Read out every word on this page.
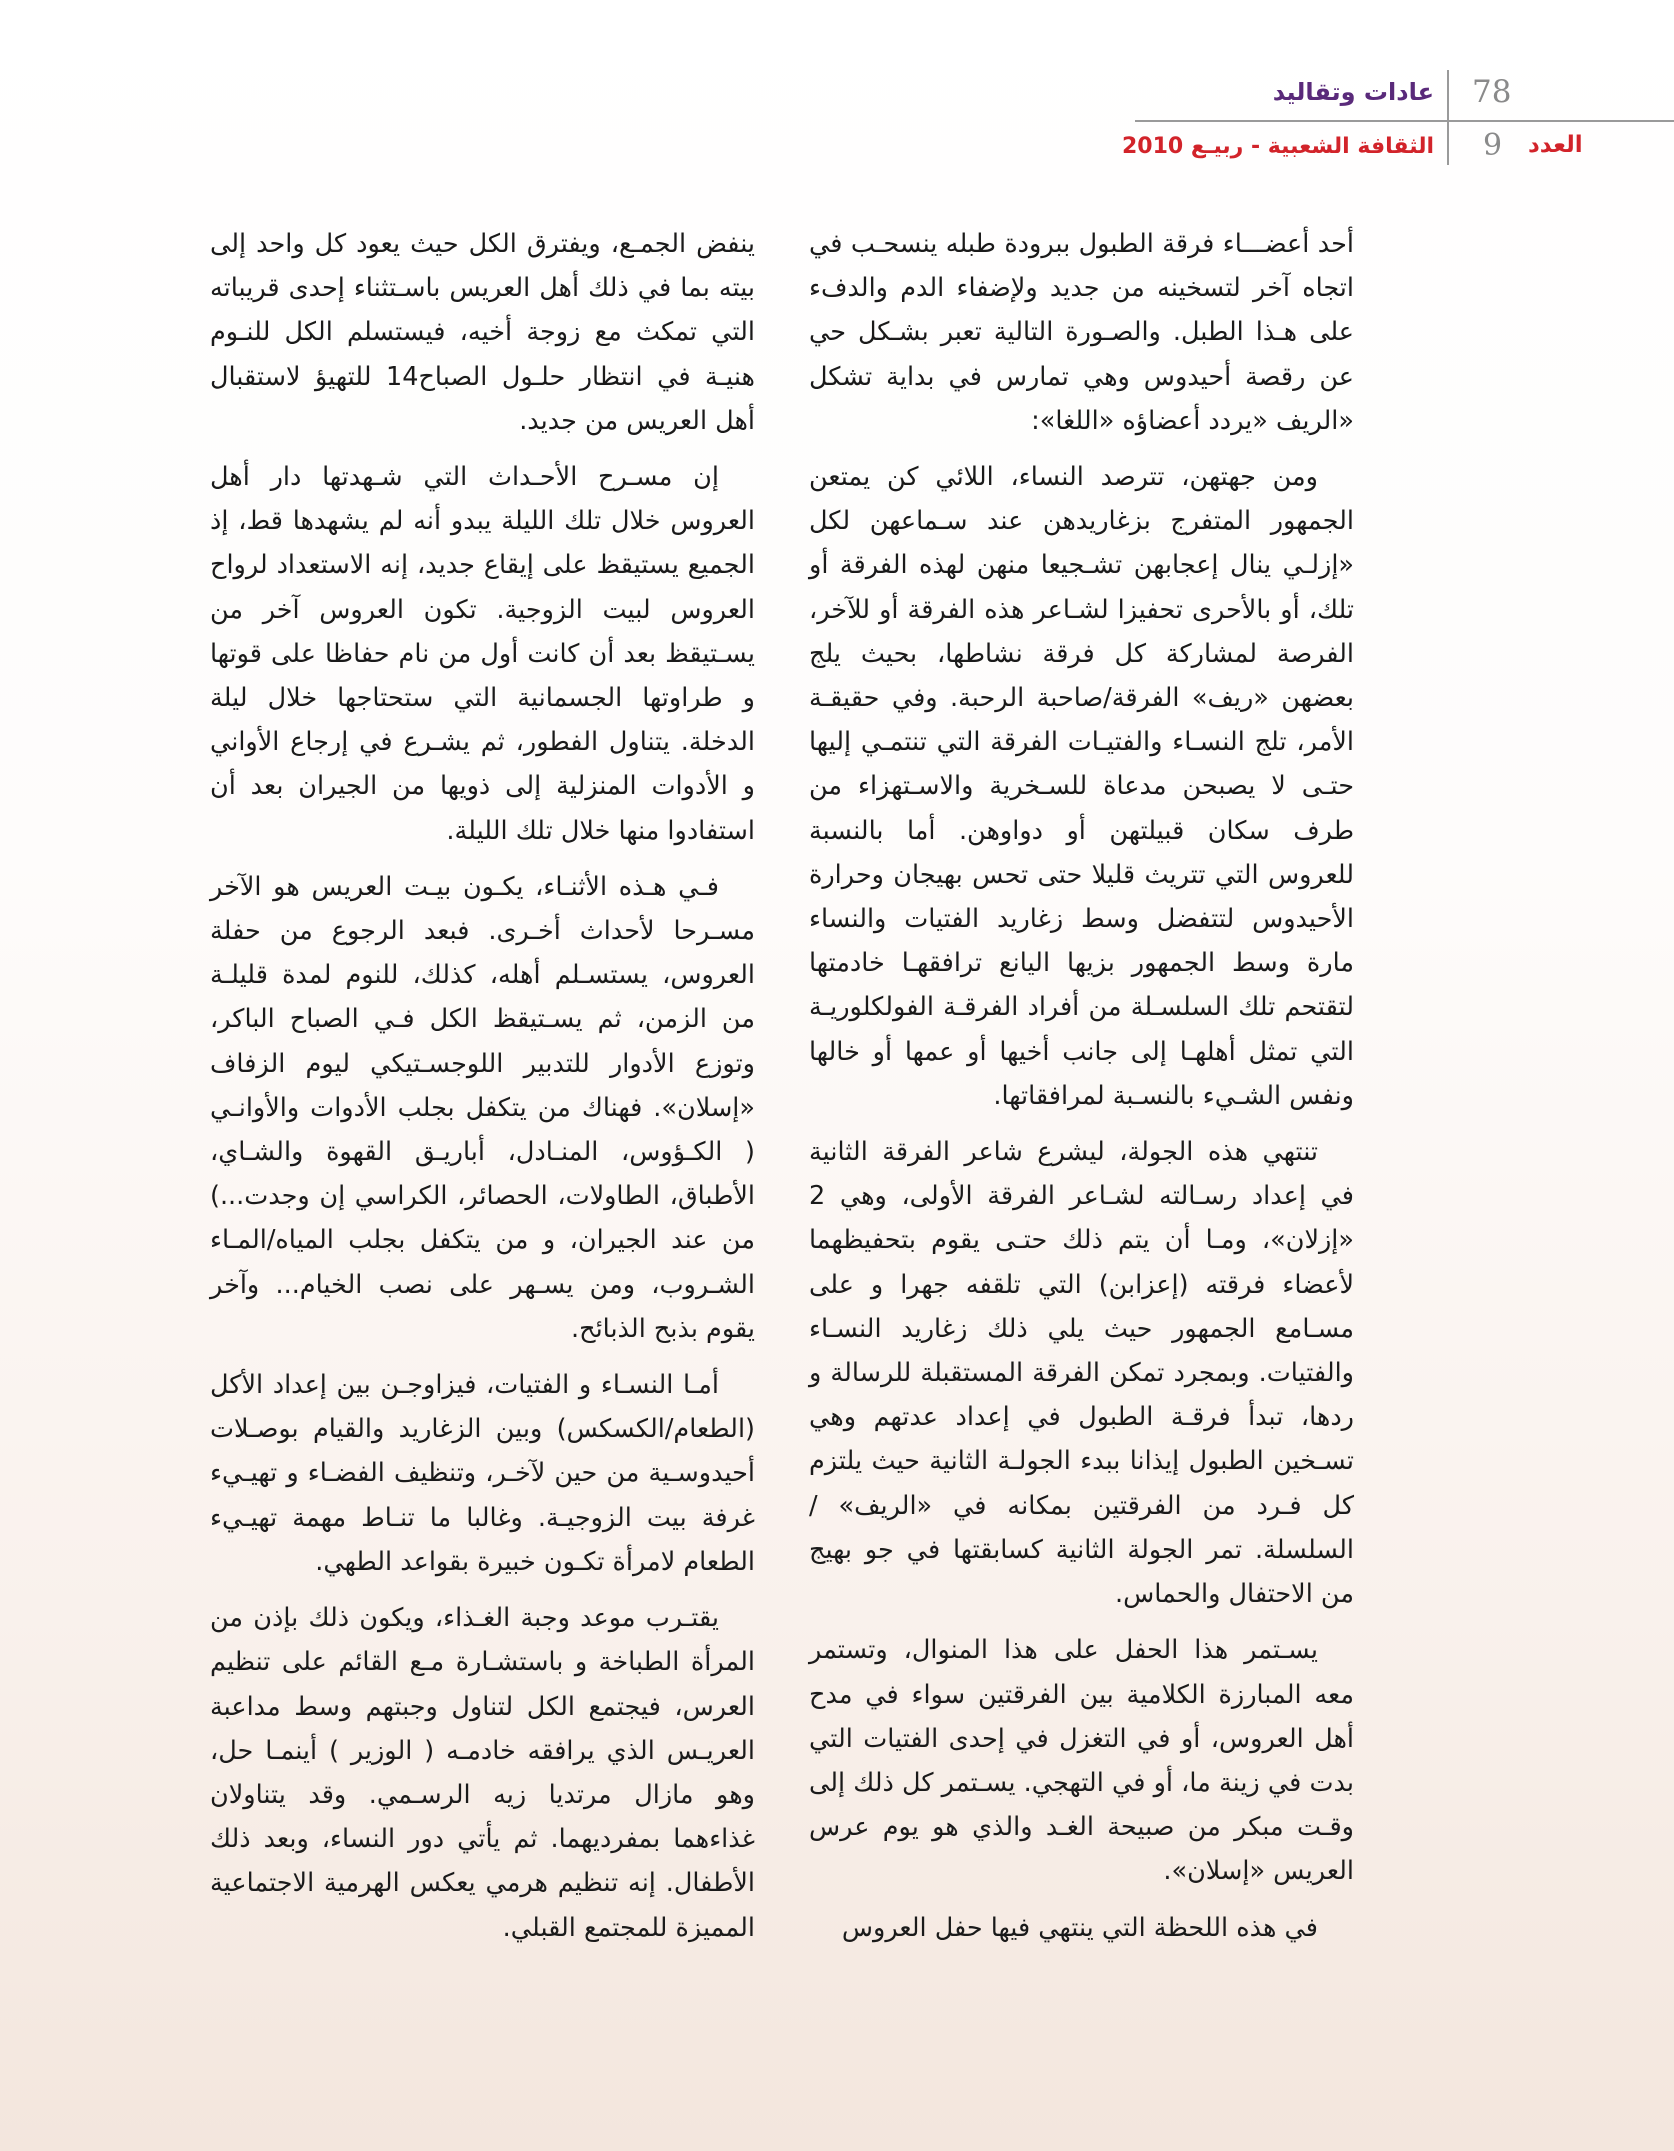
78
عادات وتقاليد
9 العدد
الثقافة الشعبية - ربيـع 2010

أحد أعضـــاء فرقة الطبول ببرودة طبله ينسحـب في اتجاه آخر لتسخينه من جديد ولإضفاء الدم والدفء على هـذا الطبل. والصـورة التالية تعبر بشـكل حي عن رقصة أحيدوس وهي تمارس في بداية تشكل «الريف «يردد أعضاؤه «اللغا»:

ومن جهتهن، تترصد النساء، اللائي كن يمتعن الجمهور المتفرج بزغاريدهن عند سـماعهن لكل «إزلـي ينال إعجابهن تشـجيعا منهن لهذه الفرقة أو تلك، أو بالأحرى تحفيزا لشـاعر هذه الفرقة أو للآخر، الفرصة لمشاركة كل فرقة نشاطها، بحيث يلج بعضهن «ريف» الفرقة/صاحبة الرحبة. وفي حقيقـة الأمر، تلج النسـاء والفتيـات الفرقة التي تنتمـي إليها حتـى لا يصبحن مدعاة للسـخرية والاسـتهزاء من طرف سكان قبيلتهن أو دواوهن. أما بالنسبة للعروس التي تتريث قليلا حتى تحس بهيجان وحرارة الأحيدوس لتتفضل وسط زغاريد الفتيات والنساء مارة وسط الجمهور بزيها اليانع ترافقهـا خادمتها لتقتحم تلك السلسـلة من أفراد الفرقـة الفولكلوريـة التي تمثل أهلهـا إلى جانب أخيها أو عمها أو خالها ونفس الشـيء بالنسـبة لمرافقاتها.

تنتهي هذه الجولة، ليشرع شاعر الفرقة الثانية في إعداد رسـالته لشـاعر الفرقة الأولى، وهي 2 «إزلان»، ومـا أن يتم ذلك حتـى يقوم بتحفيظهما لأعضاء فرقته (إعزابن) التي تلقفه جهرا و على مسـامع الجمهور حيث يلي ذلك زغاريد النسـاء والفتيات. وبمجرد تمكن الفرقة المستقبلة للرسالة و ردها، تبدأ فرقـة الطبول في إعداد عدتهم وهي تسـخين الطبول إيذانا ببدء الجولـة الثانية حيث يلتزم كل فـرد من الفرقتين بمكانه في «الريف» / السلسلة. تمر الجولة الثانية كسابقتها في جو بهيج من الاحتفال والحماس.

يسـتمر هذا الحفل على هذا المنوال، وتستمر معه المبارزة الكلامية بين الفرقتين سواء في مدح أهل العروس، أو في التغزل في إحدى الفتيات التي بدت في زينة ما، أو في التهجي. يسـتمر كل ذلك إلى وقـت مبكر من صبيحة الغـد والذي هو يوم عرس العريس «إسلان».

في هذه اللحظة التي ينتهي فيها حفل العروس

ينفض الجمـع، ويفترق الكل حيث يعود كل واحد إلى بيته بما في ذلك أهل العريس باسـتثناء إحدى قريباته التي تمكث مع زوجة أخيه، فيستسلم الكل للنـوم هنيـة في انتظار حلـول الصباح14 للتهيؤ لاستقبال أهل العريس من جديد.

إن مسـرح الأحـداث التي شـهدتها دار أهل العروس خلال تلك الليلة يبدو أنه لم يشهدها قط، إذ الجميع يستيقظ على إيقاع جديد، إنه الاستعداد لرواح العروس لبيت الزوجية. تكون العروس آخر من يسـتيقظ بعد أن كانت أول من نام حفاظا على قوتها و طراوتها الجسمانية التي ستحتاجها خلال ليلة الدخلة. يتناول الفطور، ثم يشـرع في إرجاع الأواني و الأدوات المنزلية إلى ذويها من الجيران بعد أن استفادوا منها خلال تلك الليلة.

فـي هـذه الأثنـاء، يكـون بيـت العريس هو الآخر مسـرحا لأحداث أخـرى. فبعد الرجوع من حفلة العروس، يستسـلم أهله، كذلك، للنوم لمدة قليلـة من الزمن، ثم يسـتيقظ الكل فـي الصباح الباكر، وتوزع الأدوار للتدبير اللوجسـتيكي ليوم الزفاف «إسلان». فهناك من يتكفل بجلب الأدوات والأوانـي ( الكـؤوس، المنـادل، أباريـق القهوة والشـاي، الأطباق، الطاولات، الحصائر، الكراسي إن وجدت...) من عند الجيران، و من يتكفل بجلب المياه/المـاء الشـروب، ومن يسـهر على نصب الخيام... وآخر يقوم بذبح الذبائح.

أمـا النسـاء و الفتيات، فيزاوجـن بين إعداد الأكل (الطعام/الكسكس) وبين الزغاريد والقيام بوصـلات أحيدوسـية من حين لآخـر، وتنظيف الفضـاء و تهيـيء غرفة بيت الزوجيـة. وغالبا ما تنـاط مهمة تهيـيء الطعام لامرأة تكـون خبيرة بقواعد الطهي.

يقتـرب موعد وجبة الغـذاء، ويكون ذلك بإذن من المرأة الطباخة و باستشـارة مـع القائم على تنظيم العرس، فيجتمع الكل لتناول وجبتهم وسط مداعبة العريـس الذي يرافقه خادمـه ( الوزير ) أينمـا حل، وهو مازال مرتديا زيه الرسـمي. وقد يتناولان غذاءهما بمفرديهما. ثم يأتي دور النساء، وبعد ذلك الأطفال. إنه تنظيم هرمي يعكس الهرمية الاجتماعية المميزة للمجتمع القبلي.
